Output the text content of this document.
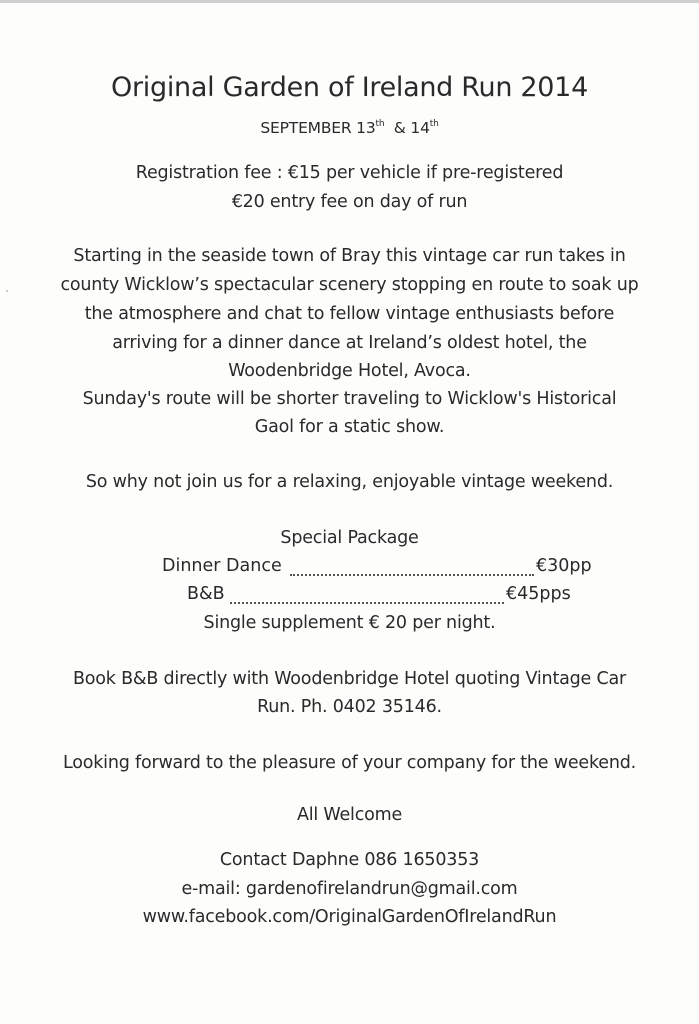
Original Garden of Ireland Run 2014
SEPTEMBER 13th & 14th
Registration fee : €15 per vehicle if pre-registered
€20 entry fee on day of run
Starting in the seaside town of Bray this vintage car run takes in
county Wicklow’s spectacular scenery stopping en route to soak up
the atmosphere and chat to fellow vintage enthusiasts before
arriving for a dinner dance at Ireland’s oldest hotel, the
Woodenbridge Hotel, Avoca.
Sunday's route will be shorter traveling to Wicklow's Historical
Gaol for a static show.
So why not join us for a relaxing, enjoyable vintage weekend.
Special Package
Dinner Dance	€30pp
B&B	€45pps
Single supplement € 20 per night.
Book B&B directly with Woodenbridge Hotel quoting Vintage Car
Run. Ph. 0402 35146.
Looking forward to the pleasure of your company for the weekend.
All Welcome
Contact Daphne 086 1650353
e-mail: gardenofirelandrun@gmail.com
www.facebook.com/OriginalGardenOfIrelandRun
